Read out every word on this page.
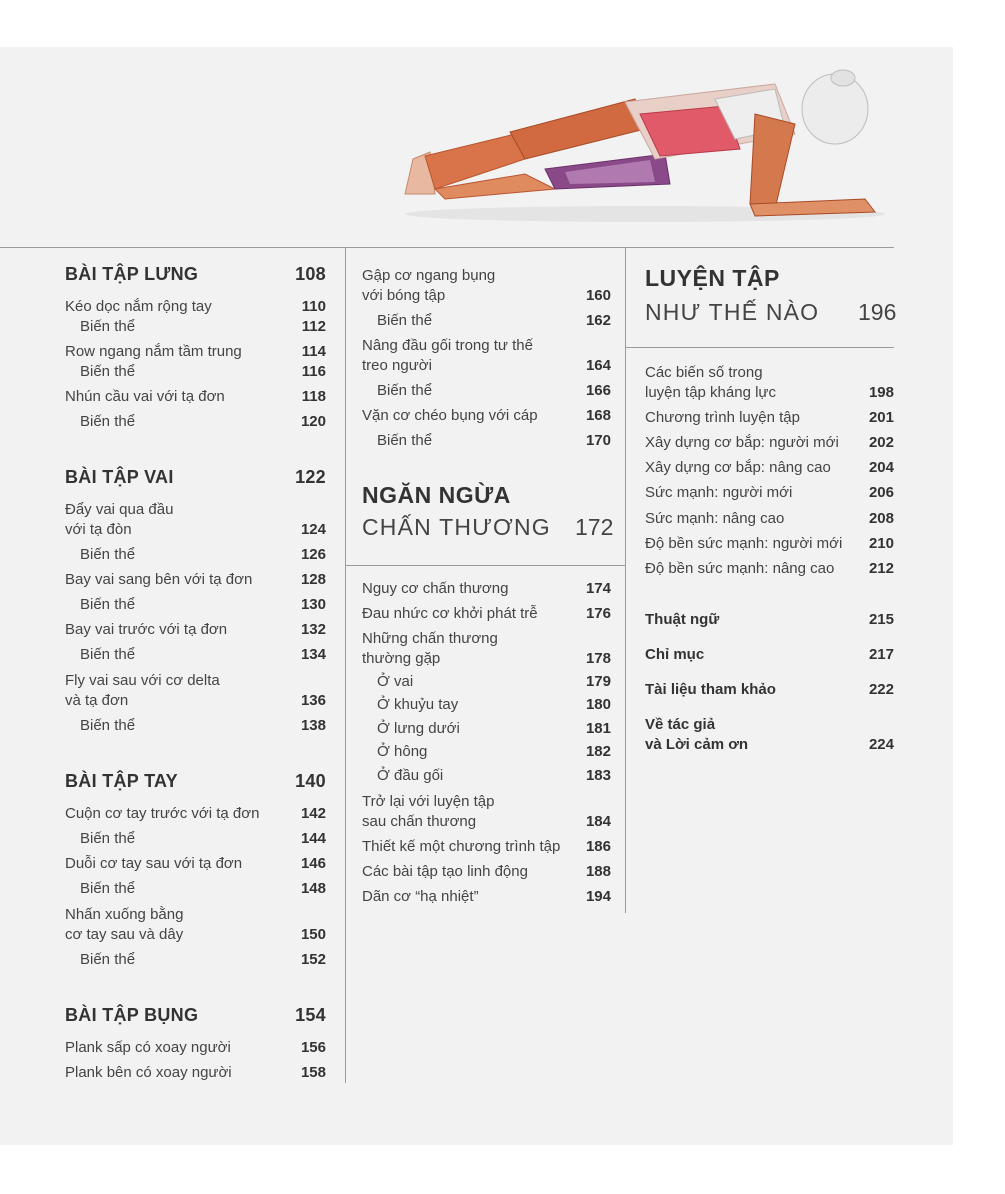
BÀI TẬP LƯNG	108
Kéo dọc nắm rộng tay	110
Biến thể	112
Row ngang nắm tầm trung	114
Biến thể	116
Nhún cầu vai với tạ đơn	118
Biến thể	120
BÀI TẬP VAI	122
Đẩy vai qua đầu
với tạ đòn	124
Biến thể	126
Bay vai sang bên với tạ đơn	128
Biến thể	130
Bay vai trước với tạ đơn	132
Biến thể	134
Fly vai sau với cơ delta
và tạ đơn	136
Biến thể	138
BÀI TẬP TAY	140
Cuộn cơ tay trước với tạ đơn	142
Biến thể	144
Duỗi cơ tay sau với tạ đơn	146
Biến thể	148
Nhấn xuống bằng
cơ tay sau và dây	150
Biến thể	152
BÀI TẬP BỤNG	154
Plank sấp có xoay người	156
Plank bên có xoay người	158
Gập cơ ngang bụng
với bóng tập	160
Biến thể	162
Nâng đầu gối trong tư thế
treo người	164
Biến thể	166
Vặn cơ chéo bụng với cáp	168
Biến thể	170
NGĂN NGỪA
CHẤN THƯƠNG 172
Nguy cơ chấn thương	174
Đau nhức cơ khởi phát trễ	176
Những chấn thương
thường gặp	178
Ở vai	179
Ở khuỷu tay	180
Ở lưng dưới	181
Ở hông	182
Ở đầu gối	183
Trở lại với luyện tập
sau chấn thương	184
Thiết kế một chương trình tập 186
Các bài tập tạo linh động	188
Dãn cơ “hạ nhiệt”	194
LUYỆN TẬP
NHƯ THẾ NÀO 196
Các biến số trong
luyện tập kháng lực	198
Chương trình luyện tập	201
Xây dựng cơ bắp: người mới 202
Xây dựng cơ bắp: nâng cao	204
Sức mạnh: người mới	206
Sức mạnh: nâng cao	208
Độ bền sức mạnh: người mới 210
Độ bền sức mạnh: nâng cao 212
Thuật ngữ	215
Chỉ mục	217
Tài liệu tham khảo	222
Về tác giả
và Lời cảm ơn	224
